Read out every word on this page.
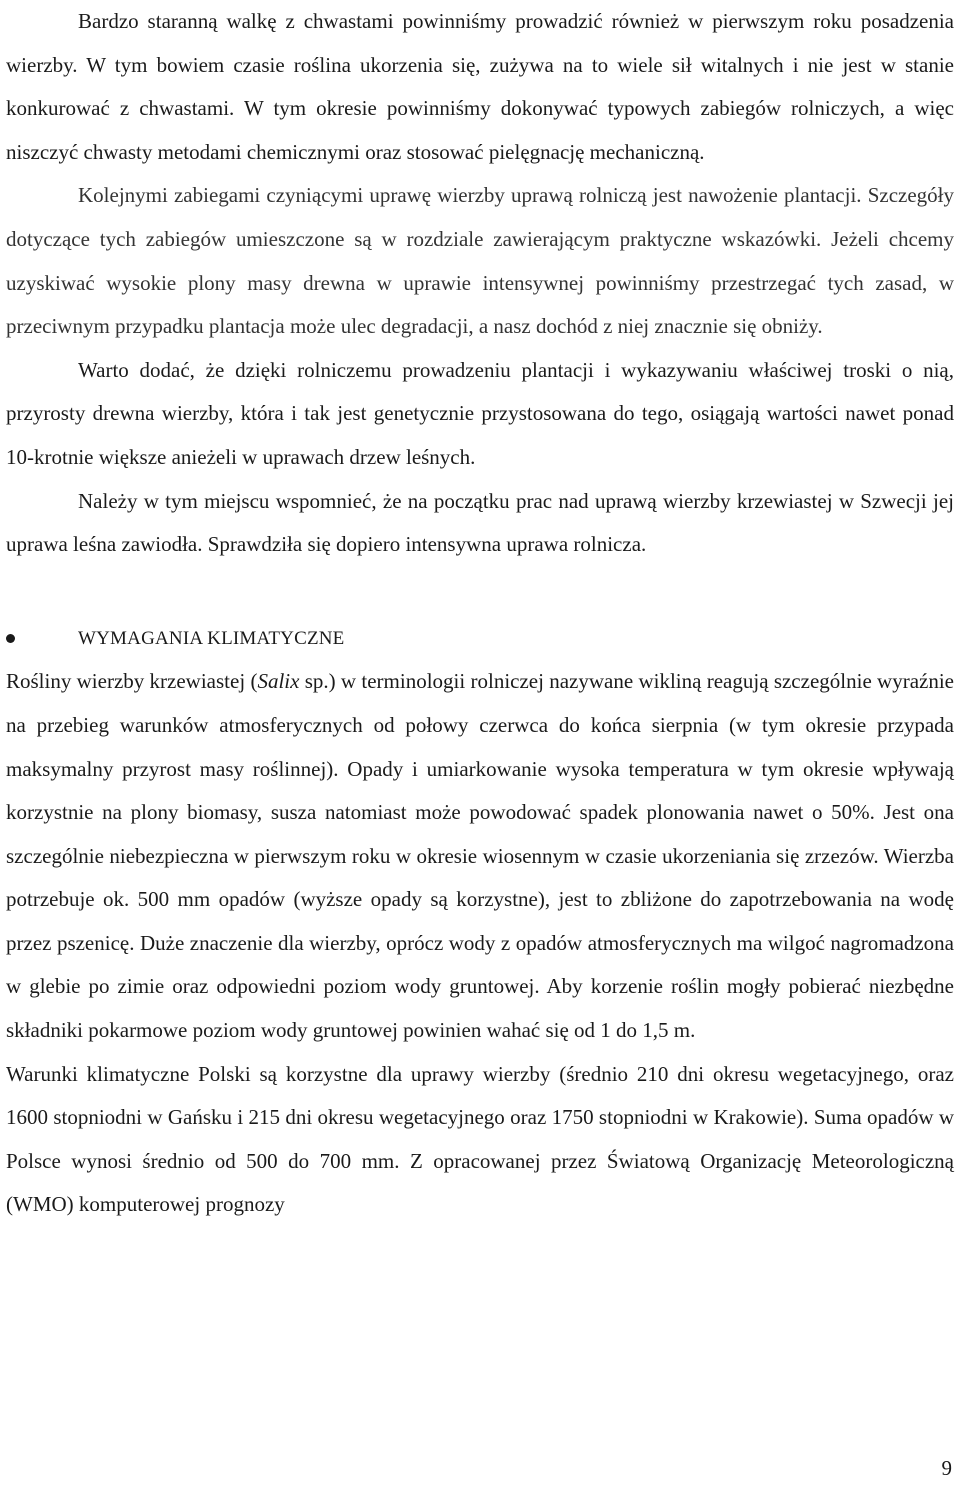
Bardzo staranną walkę z chwastami powinniśmy prowadzić również w pierwszym roku posadzenia wierzby. W tym bowiem czasie roślina ukorzenia się, zużywa na to wiele sił witalnych i nie jest w stanie konkurować z chwastami. W tym okresie powinniśmy dokonywać typowych zabiegów rolniczych, a więc niszczyć chwasty metodami chemicznymi oraz stosować pielęgnację mechaniczną.

Kolejnymi zabiegami czyniącymi uprawę wierzby uprawą rolniczą jest nawożenie plantacji. Szczegóły dotyczące tych zabiegów umieszczone są w rozdziale zawierającym praktyczne wskazówki. Jeżeli chcemy uzyskiwać wysokie plony masy drewna w uprawie intensywnej powinniśmy przestrzegać tych zasad, w przeciwnym przypadku plantacja może ulec degradacji, a nasz dochód z niej znacznie się obniży.

Warto dodać, że dzięki rolniczemu prowadzeniu plantacji i wykazywaniu właściwej troski o nią, przyrosty drewna wierzby, która i tak jest genetycznie przystosowana do tego, osiągają wartości nawet ponad 10-krotnie większe anieżeli w uprawach drzew leśnych.

Należy w tym miejscu wspomnieć, że na początku prac nad uprawą wierzby krzewiastej w Szwecji jej uprawa leśna zawiodła. Sprawdziła się dopiero intensywna uprawa rolnicza.

WYMAGANIA KLIMATYCZNE

Rośliny wierzby krzewiastej (Salix sp.) w terminologii rolniczej nazywane wikliną reagują szczególnie wyraźnie na przebieg warunków atmosferycznych od połowy czerwca do końca sierpnia (w tym okresie przypada maksymalny przyrost masy roślinnej). Opady i umiarkowanie wysoka temperatura w tym okresie wpływają korzystnie na plony biomasy, susza natomiast może powodować spadek plonowania nawet o 50%. Jest ona szczególnie niebezpieczna w pierwszym roku w okresie wiosennym w czasie ukorzeniania się zrzezów. Wierzba potrzebuje ok. 500 mm opadów (wyższe opady są korzystne), jest to zbliżone do zapotrzebowania na wodę przez pszenicę. Duże znaczenie dla wierzby, oprócz wody z opadów atmosferycznych ma wilgoć nagromadzona w glebie po zimie oraz odpowiedni poziom wody gruntowej. Aby korzenie roślin mogły pobierać niezbędne składniki pokarmowe poziom wody gruntowej powinien wahać się od 1 do 1,5 m.

Warunki klimatyczne Polski są korzystne dla uprawy wierzby (średnio 210 dni okresu wegetacyjnego, oraz 1600 stopniodni w Gańsku i 215 dni okresu wegetacyjnego oraz 1750 stopniodni w Krakowie). Suma opadów w Polsce wynosi średnio od 500 do 700 mm. Z opracowanej przez Światową Organizację Meteorologiczną (WMO) komputerowej prognozy

9
